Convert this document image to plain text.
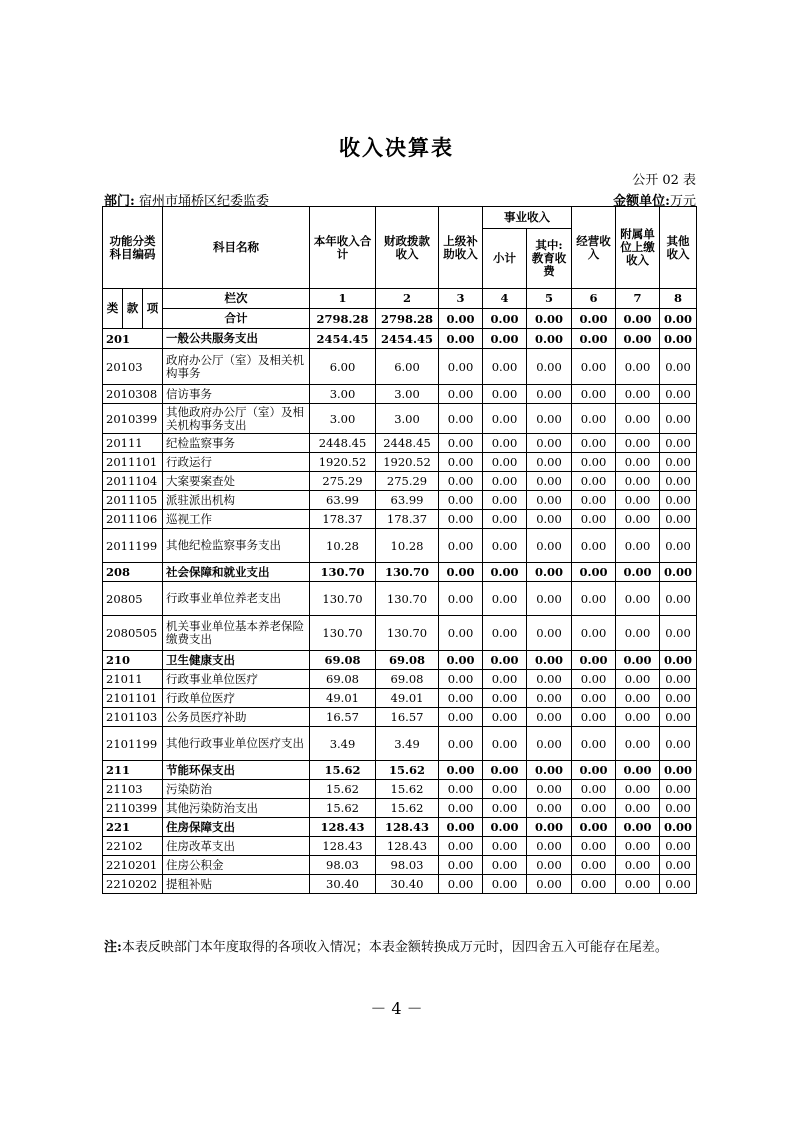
收入决算表
公开 02 表
部门: 宿州市埇桥区纪委监委	金额单位:万元
功能分类科目编码			科目名称	本年收入合计	财政拨款收入	上级补助收入	事业收入		经营收入	附属单位上缴收入	其他收入
							小计	其中:教育收费			

类	款	项	栏次	1	2	3	4	5	6	7	8
			合计	2798.28	2798.28	0.00	0.00	0.00	0.00	0.00	0.00
201			一般公共服务支出	2454.45	2454.45	0.00	0.00	0.00	0.00	0.00	0.00
20103			政府办公厅（室）及相关机构事务	6.00	6.00	0.00	0.00	0.00	0.00	0.00	0.00
2010308			信访事务	3.00	3.00	0.00	0.00	0.00	0.00	0.00	0.00
2010399			其他政府办公厅（室）及相关机构事务支出	3.00	3.00	0.00	0.00	0.00	0.00	0.00	0.00
20111			纪检监察事务	2448.45	2448.45	0.00	0.00	0.00	0.00	0.00	0.00
2011101			行政运行	1920.52	1920.52	0.00	0.00	0.00	0.00	0.00	0.00
2011104			大案要案查处	275.29	275.29	0.00	0.00	0.00	0.00	0.00	0.00
2011105			派驻派出机构	63.99	63.99	0.00	0.00	0.00	0.00	0.00	0.00
2011106			巡视工作	178.37	178.37	0.00	0.00	0.00	0.00	0.00	0.00
2011199			其他纪检监察事务支出	10.28	10.28	0.00	0.00	0.00	0.00	0.00	0.00
208			社会保障和就业支出	130.70	130.70	0.00	0.00	0.00	0.00	0.00	0.00
20805			行政事业单位养老支出	130.70	130.70	0.00	0.00	0.00	0.00	0.00	0.00
2080505			机关事业单位基本养老保险缴费支出	130.70	130.70	0.00	0.00	0.00	0.00	0.00	0.00
210			卫生健康支出	69.08	69.08	0.00	0.00	0.00	0.00	0.00	0.00
21011			行政事业单位医疗	69.08	69.08	0.00	0.00	0.00	0.00	0.00	0.00
2101101			行政单位医疗	49.01	49.01	0.00	0.00	0.00	0.00	0.00	0.00
2101103			公务员医疗补助	16.57	16.57	0.00	0.00	0.00	0.00	0.00	0.00
2101199			其他行政事业单位医疗支出	3.49	3.49	0.00	0.00	0.00	0.00	0.00	0.00
211			节能环保支出	15.62	15.62	0.00	0.00	0.00	0.00	0.00	0.00
21103			污染防治	15.62	15.62	0.00	0.00	0.00	0.00	0.00	0.00
2110399			其他污染防治支出	15.62	15.62	0.00	0.00	0.00	0.00	0.00	0.00
221			住房保障支出	128.43	128.43	0.00	0.00	0.00	0.00	0.00	0.00
22102			住房改革支出	128.43	128.43	0.00	0.00	0.00	0.00	0.00	0.00
2210201			住房公积金	98.03	98.03	0.00	0.00	0.00	0.00	0.00	0.00
2210202			提租补贴	30.40	30.40	0.00	0.00	0.00	0.00	0.00	0.00
注:本表反映部门本年度取得的各项收入情况；本表金额转换成万元时，因四舍五入可能存在尾差。
－ 4 －
